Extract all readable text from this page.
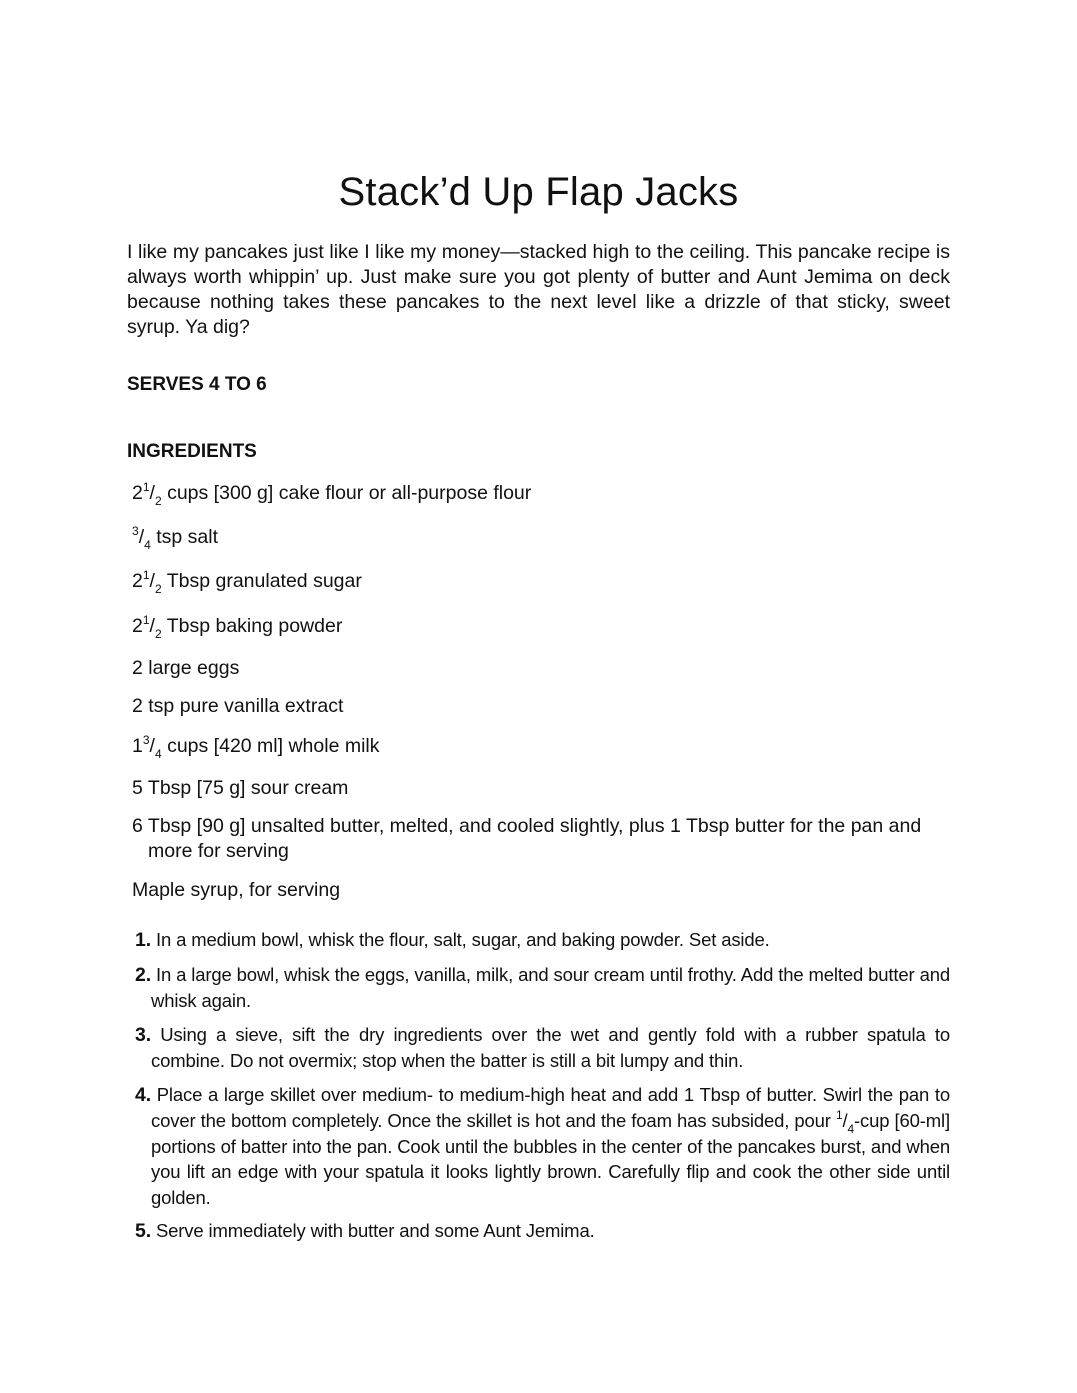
Stack’d Up Flap Jacks

I like my pancakes just like I like my money—stacked high to the ceiling. This pancake recipe is always worth whippin’ up. Just make sure you got plenty of butter and Aunt Jemima on deck because nothing takes these pancakes to the next level like a drizzle of that sticky, sweet syrup. Ya dig?

SERVES 4 TO 6

INGREDIENTS

$2^1/_2$ cups [300 g] cake flour or all-purpose flour

$^3/_4$ tsp salt

$2^1/_2$ Tbsp granulated sugar

$2^1/_2$ Tbsp baking powder

2 large eggs

2 tsp pure vanilla extract

$1^3/_4$ cups [420 ml] whole milk

5 Tbsp [75 g] sour cream

6 Tbsp [90 g] unsalted butter, melted, and cooled slightly, plus 1 Tbsp butter for the pan and more for serving

Maple syrup, for serving

1. In a medium bowl, whisk the flour, salt, sugar, and baking powder. Set aside.
2. In a large bowl, whisk the eggs, vanilla, milk, and sour cream until frothy. Add the melted butter and whisk again.
3. Using a sieve, sift the dry ingredients over the wet and gently fold with a rubber spatula to combine. Do not overmix; stop when the batter is still a bit lumpy and thin.
4. Place a large skillet over medium- to medium-high heat and add 1 Tbsp of butter. Swirl the pan to cover the bottom completely. Once the skillet is hot and the foam has subsided, pour $^1/_4$-cup [60-ml] portions of batter into the pan. Cook until the bubbles in the center of the pancakes burst, and when you lift an edge with your spatula it looks lightly brown. Carefully flip and cook the other side until golden.
5. Serve immediately with butter and some Aunt Jemima.
